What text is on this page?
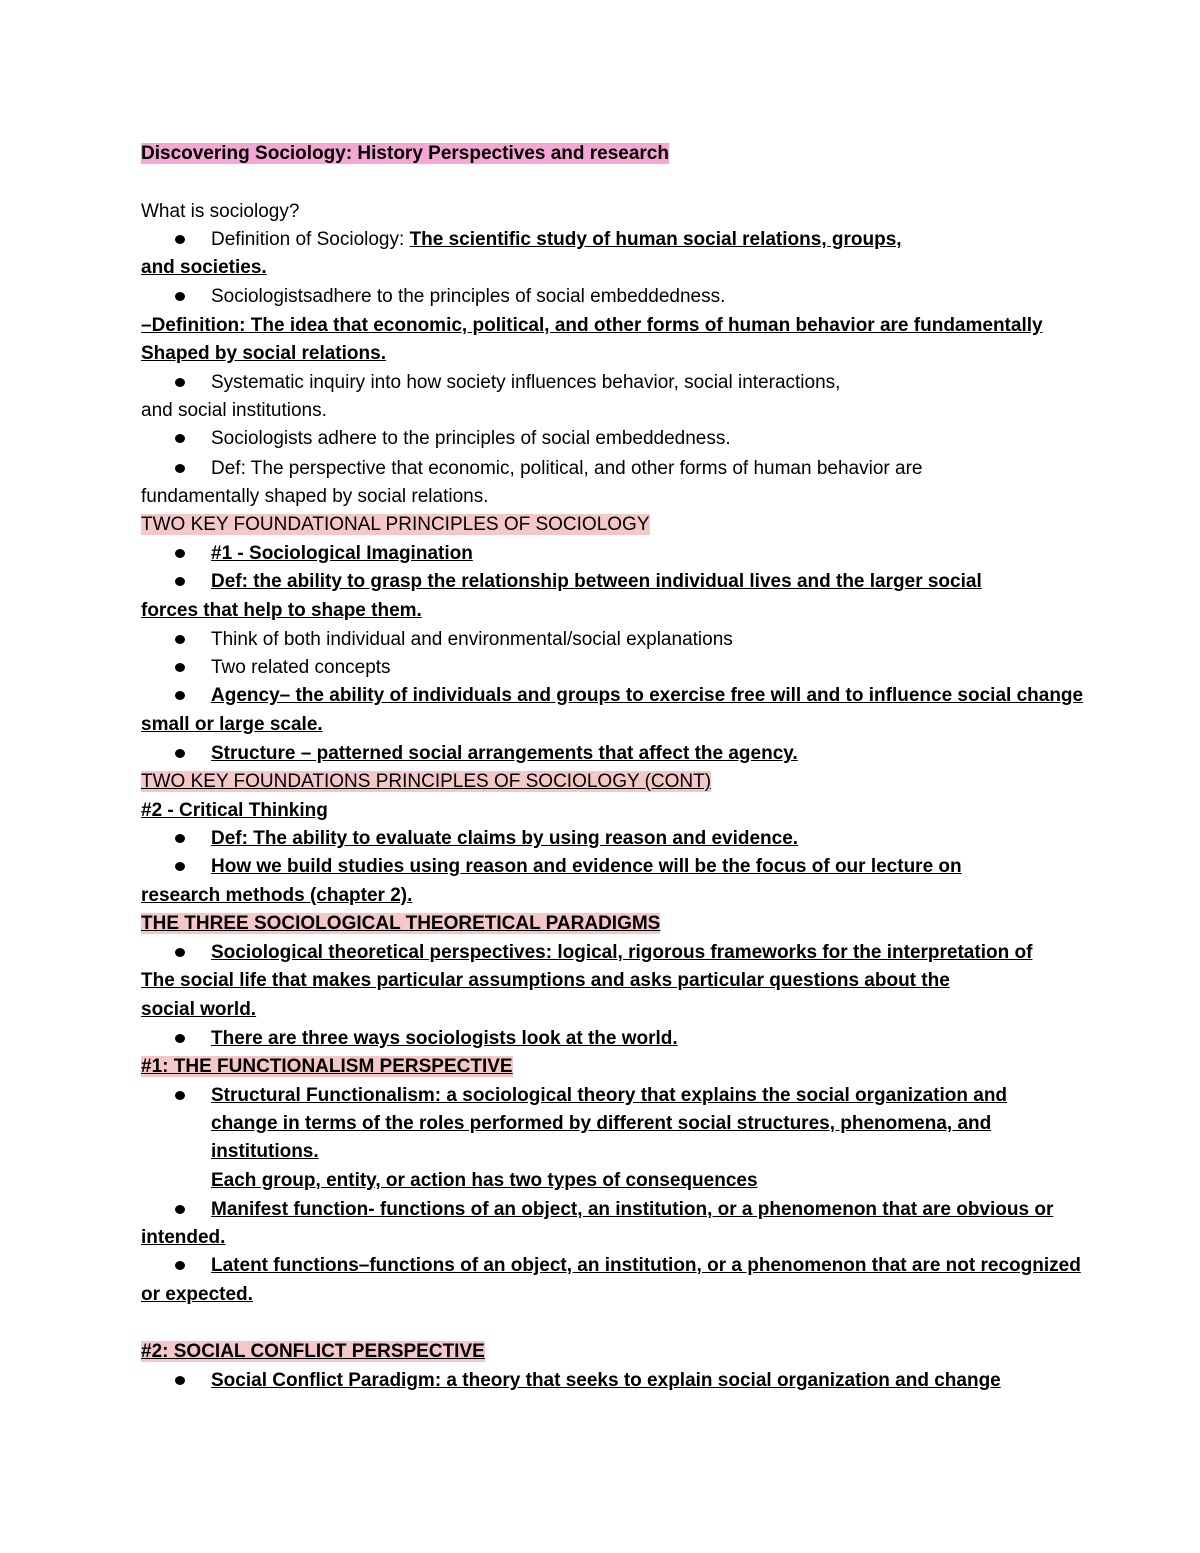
Discovering Sociology: History Perspectives and research
What is sociology?
Definition of Sociology: The scientific study of human social relations, groups,
and societies.
Sociologistsadhere to the principles of social embeddedness.
–Definition: The idea that economic, political, and other forms of human behavior are fundamentally
Shaped by social relations.
Systematic inquiry into how society influences behavior, social interactions,
and social institutions.
Sociologists adhere to the principles of social embeddedness.
Def: The perspective that economic, political, and other forms of human behavior are
fundamentally shaped by social relations.
TWO KEY FOUNDATIONAL PRINCIPLES OF SOCIOLOGY
#1 - Sociological Imagination
Def: the ability to grasp the relationship between individual lives and the larger social
forces that help to shape them.
Think of both individual and environmental/social explanations
Two related concepts
Agency– the ability of individuals and groups to exercise free will and to influence social change
small or large scale.
Structure – patterned social arrangements that affect the agency.
TWO KEY FOUNDATIONS PRINCIPLES OF SOCIOLOGY (CONT)
#2 - Critical Thinking
Def: The ability to evaluate claims by using reason and evidence.
How we build studies using reason and evidence will be the focus of our lecture on
research methods (chapter 2).
THE THREE SOCIOLOGICAL THEORETICAL PARADIGMS
Sociological theoretical perspectives: logical, rigorous frameworks for the interpretation of
The social life that makes particular assumptions and asks particular questions about the
social world.
There are three ways sociologists look at the world.
#1: THE FUNCTIONALISM PERSPECTIVE
Structural Functionalism: a sociological theory that explains the social organization and
change in terms of the roles performed by different social structures, phenomena, and
institutions.
Each group, entity, or action has two types of consequences
Manifest function- functions of an object, an institution, or a phenomenon that are obvious or
intended.
Latent functions–functions of an object, an institution, or a phenomenon that are not recognized
or expected.
#2: SOCIAL CONFLICT PERSPECTIVE
Social Conflict Paradigm: a theory that seeks to explain social organization and change
